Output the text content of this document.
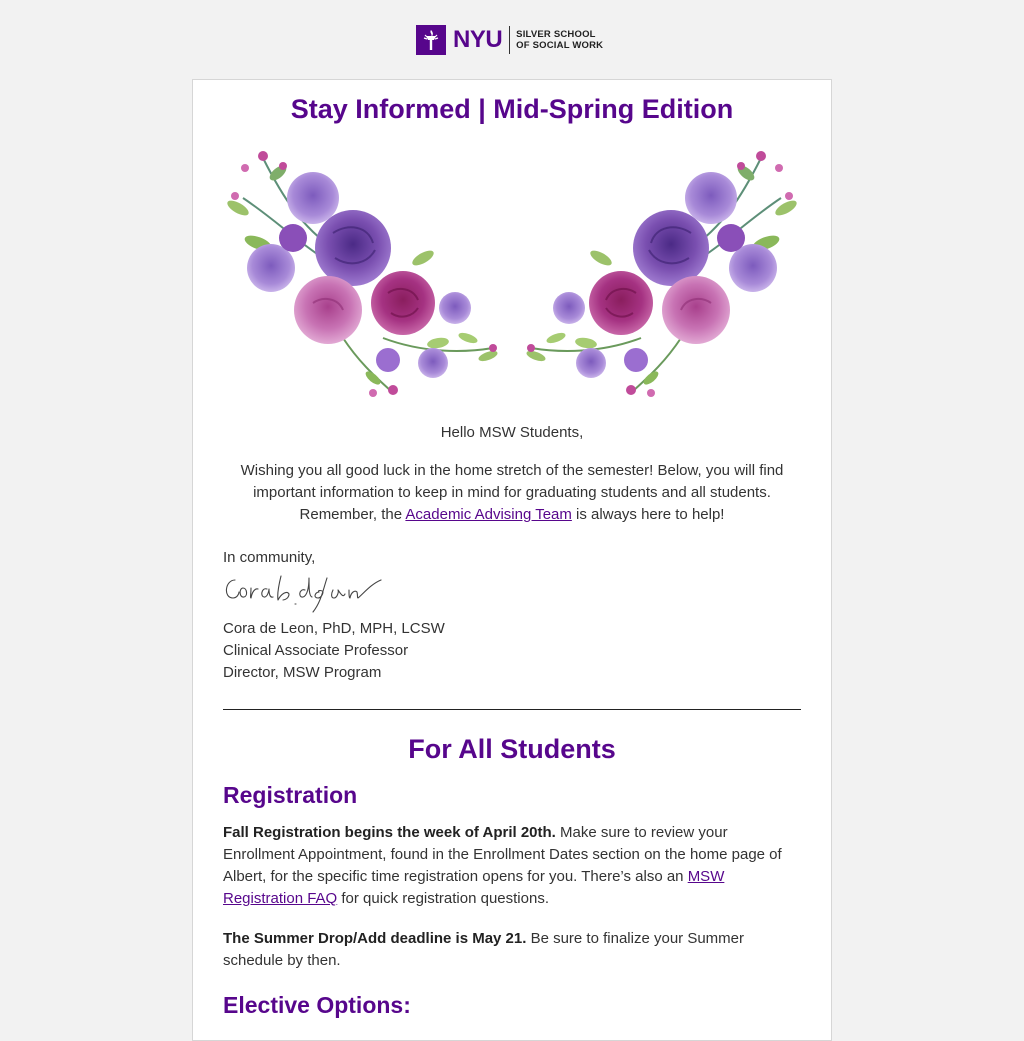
NYU SILVER SCHOOL
OF SOCIAL WORK
Stay Informed | Mid-Spring Edition

Hello MSW Students,

Wishing you all good luck in the home stretch of the semester! Below, you will find important information to keep in mind for graduating students and all students. Remember, the Academic Advising Team is always here to help!

In community,

Cora de Leon, PhD, MPH, LCSW
Clinical Associate Professor
Director, MSW Program
For All Students
Registration

Fall Registration begins the week of April 20th. Make sure to review your Enrollment Appointment, found in the Enrollment Dates section on the home page of Albert, for the specific time registration opens for you. There’s also an MSW Registration FAQ for quick registration questions.

The Summer Drop/Add deadline is May 21. Be sure to finalize your Summer schedule by then.

Elective Options:
